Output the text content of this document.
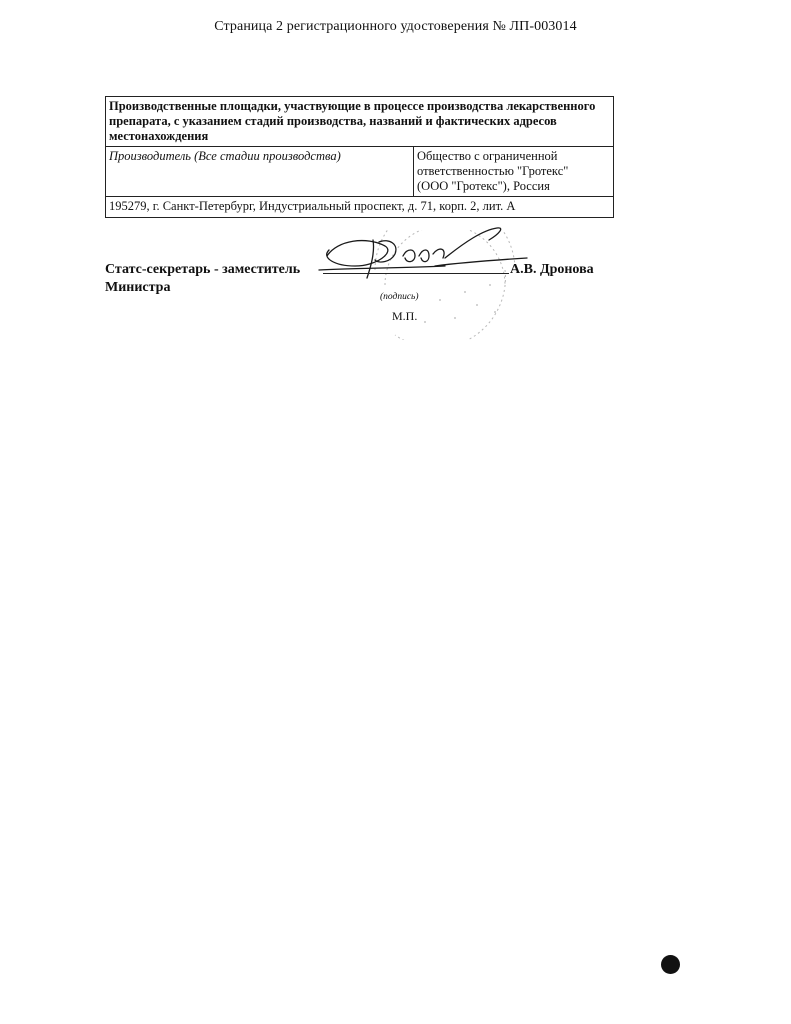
Страница 2 регистрационного удостоверения № ЛП-003014
Производственные площадки, участвующие в процессе производства лекарственного препарата, с указанием стадий производства, названий и фактических адресов местонахождения
Производитель (Все стадии производства)	Общество с ограниченной
ответственностью "Гротекс"
(ООО "Гротекс"), Россия

195279, г. Санкт-Петербург, Индустриальный проспект, д. 71, корп. 2, лит. А
Статс-секретарь - заместитель
Министра
А.В. Дронова
(подпись)
М.П.
